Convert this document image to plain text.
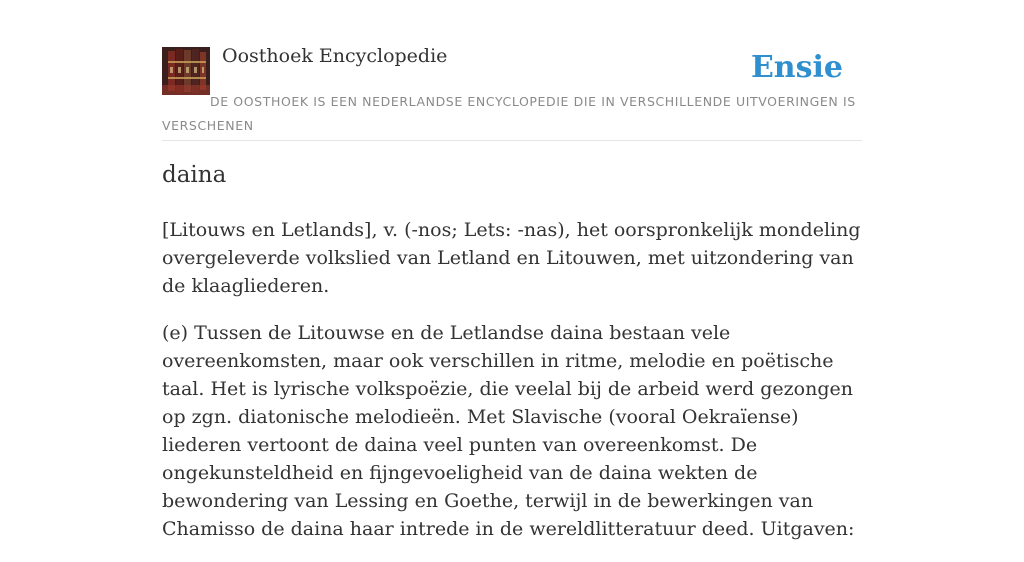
Oosthoek Encyclopedie	Ensie
DE OOSTHOEK IS EEN NEDERLANDSE ENCYCLOPEDIE DIE IN VERSCHILLENDE UITVOERINGEN IS VERSCHENEN
daina

[Litouws en Letlands], v. (-nos; Lets: -nas), het oorspronkelijk mondeling overgeleverde volkslied van Letland en Litouwen, met uitzondering van de klaagliederen.

(e) Tussen de Litouwse en de Letlandse daina bestaan vele overeenkomsten, maar ook verschillen in ritme, melodie en poëtische taal. Het is lyrische volkspoëzie, die veelal bij de arbeid werd gezongen op zgn. diatonische melodieën. Met Slavische (vooral Oekraïense) liederen vertoont de daina veel punten van overeenkomst. De ongekunsteldheid en fijngevoeligheid van de daina wekten de bewondering van Lessing en Goethe, terwijl in de bewerkingen van Chamisso de daina haar intrede in de wereldlitteratuur deed. Uitgaven:
